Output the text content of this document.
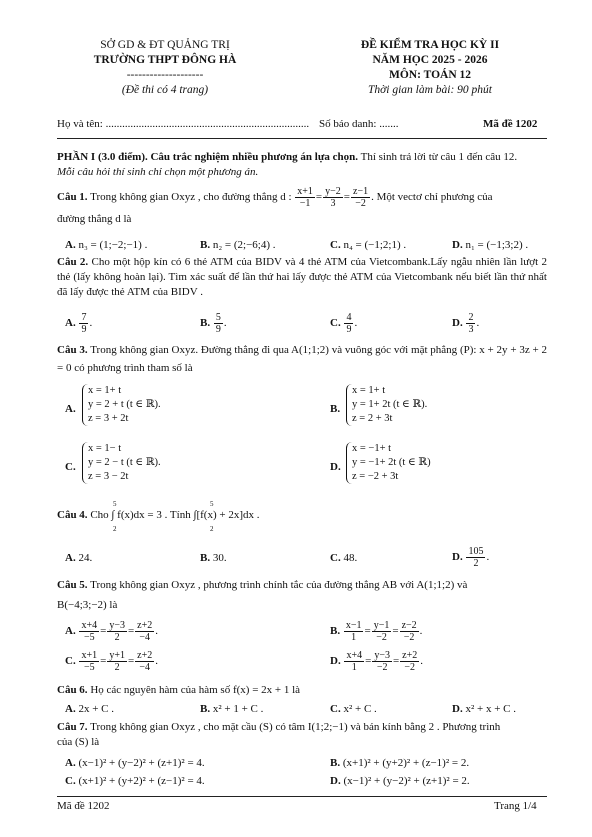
SỞ GD & ĐT QUẢNG TRỊ
TRƯỜNG THPT ĐÔNG HÀ
--------------------
(Đề thi có 4 trang)
ĐỀ KIỂM TRA HỌC KỲ II
NĂM HỌC 2025 - 2026
MÔN: TOÁN 12
Thời gian làm bài: 90 phút
Họ và tên: .......................................................................... Số báo danh: .......	Mã đề 1202
PHẦN I (3.0 điểm). Câu trắc nghiệm nhiều phương án lựa chọn. Thí sinh trả lời từ câu 1 đến câu 12.
Mỗi câu hỏi thí sinh chỉ chọn một phương án.
Câu 1. Trong không gian Oxyz , cho đường thẳng d : $\frac{x+1}{-1} = \frac{y-2}{3} = \frac{z-1}{-2}$ . Một vectơ chỉ phương của
đường thẳng d là
A. n₃ = (1;−2;−1) .	B. n₂ = (2;−6;4) .	C. n₄ = (−1;2;1) .	D. n₁ = (−1;3;2) .
Câu 2. Cho một hộp kín có 6 thẻ ATM của BIDV và 4 thẻ ATM của Vietcombank.Lấy ngẫu nhiên lần lượt 2 thẻ (lấy không hoàn lại). Tìm xác suất để lần thứ hai lấy được thẻ ATM của Vietcombank nếu biết lần thứ nhất đã lấy được thẻ ATM của BIDV .
A. $\frac{7}{9}$ .	B. $\frac{5}{9}$ .	C. $\frac{4}{9}$ .	D. $\frac{2}{3}$ .
Câu 3. Trong không gian Oxyz. Đường thẳng đi qua A(1;1;2) và vuông góc với mặt phẳng (P): x + 2y + 3z + 2 = 0 có phương trình tham số là
A.
x = 1+ t
y = 2 + t (t ∈ ℝ).
z = 3 + 2t
B.
x = 1+ t
y = 1+ 2t (t ∈ ℝ).
z = 2 + 3t
C.
x = 1− t
y = 2 − t (t ∈ ℝ).
z = 3 − 2t
D.
x = −1+ t
y = −1+ 2t (t ∈ ℝ)
z = −2 + 3t
Câu 4. Cho ∫ f(x)dx = 3 . Tính ∫[f(x) + 2x]dx .
5
2
5
2
A. 24.	B. 30.	C. 48.	D. $\frac{105}{2}$ .
Câu 5. Trong không gian Oxyz , phương trình chính tắc của đường thẳng AB với A(1;1;2) và
B(−4;3;−2) là
A. $\frac{x+4}{-5} = \frac{y-3}{2} = \frac{z+2}{-4}$ .	B. $\frac{x-1}{1} = \frac{y-1}{-2} = \frac{z-2}{-2}$ .
C. $\frac{x+1}{-5} = \frac{y+1}{2} = \frac{z+2}{-4}$ .	D. $\frac{x+4}{1} = \frac{y-3}{-2} = \frac{z+2}{-2}$ .
Câu 6. Họ các nguyên hàm của hàm số f(x) = 2x + 1 là
A. 2x + C .	B. x² + 1 + C .	C. x² + C .	D. x² + x + C .
Câu 7. Trong không gian Oxyz , cho mặt cầu (S) có tâm I(1;2;−1) và bán kính bằng 2 . Phương trình
của (S) là
A. (x−1)² + (y−2)² + (z+1)² = 4.	B. (x+1)² + (y+2)² + (z−1)² = 2.
C. (x+1)² + (y+2)² + (z−1)² = 4.	D. (x−1)² + (y−2)² + (z+1)² = 2.
Mã đề 1202	Trang 1/4
